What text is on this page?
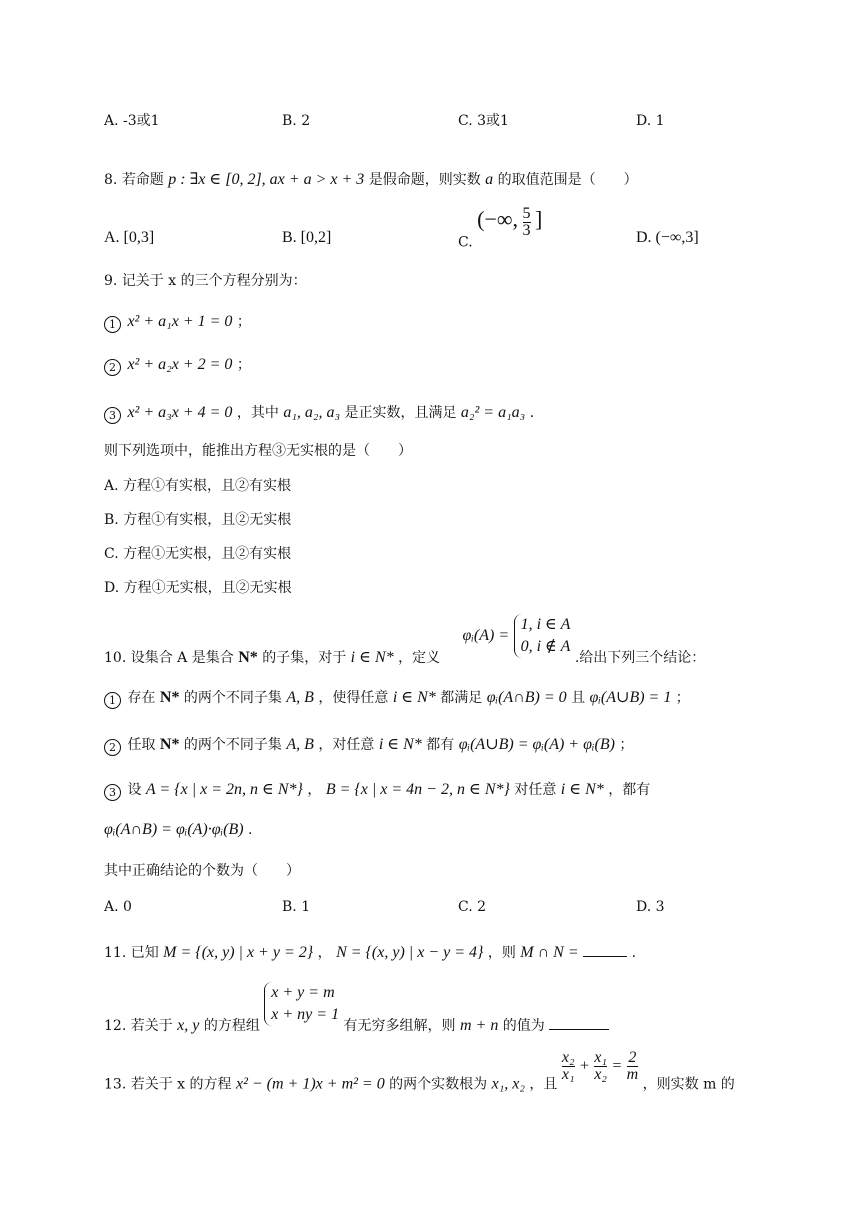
A. -3或1	B. 2	C. 3或1	D. 1
8. 若命题 p : ∃x ∈ [0, 2], ax + a > x + 3 是假命题，则实数 a 的取值范围是（　　）
A. [0,3]	B. [0,2]	C. (−∞, $\frac{5}{3}$ ]
D. (−∞,3]
9. 记关于 x 的三个方程分别为：
1 x² + a₁x + 1 = 0 ；
2 x² + a₂x + 2 = 0 ；
3 x² + a₃x + 4 = 0 ，其中 a₁, a₂, a₃ 是正实数，且满足 a₂² = a₁a₃ .
则下列选项中，能推出方程③无实根的是（　　）
A. 方程①有实根，且②有实根
B. 方程①有实根，且②无实根
C. 方程①无实根，且②有实根
D. 方程①无实根，且②无实根
10. 设集合 A 是集合 N* 的子集，对于 i ∈ N* ，定义 φᵢ(A) =
1, i ∈ A
0, i ∉ A
.给出下列三个结论：
1 存在 N* 的两个不同子集 A, B ，使得任意 i ∈ N* 都满足 φᵢ(A∩B) = 0 且 φᵢ(A∪B) = 1 ；
2 任取 N* 的两个不同子集 A, B ，对任意 i ∈ N* 都有 φᵢ(A∪B) = φᵢ(A) + φᵢ(B) ；
3 设 A = {x | x = 2n, n ∈ N*} ， B = {x | x = 4n − 2, n ∈ N*} 对任意 i ∈ N* ，都有
φᵢ(A∩B) = φᵢ(A)·φᵢ(B) .
其中正确结论的个数为（　　）
A. 0	B. 1	C. 2	D. 3
11. 已知 M = {(x, y) | x + y = 2} ， N = {(x, y) | x − y = 4} ，则 M ∩ N =	.
12. 若关于 x, y 的方程组
x + y = m
x + ny = 1
有无穷多组解，则 m + n 的值为
13. 若关于 x 的方程 x² − (m + 1)x + m² = 0 的两个实数根为 x₁, x₂ ，且
$\frac{\text{x₂}}{\text{x₁}} + \frac{\text{x₁}}{\text{x₂}} = \frac{2}{m}$
，则实数 m 的
